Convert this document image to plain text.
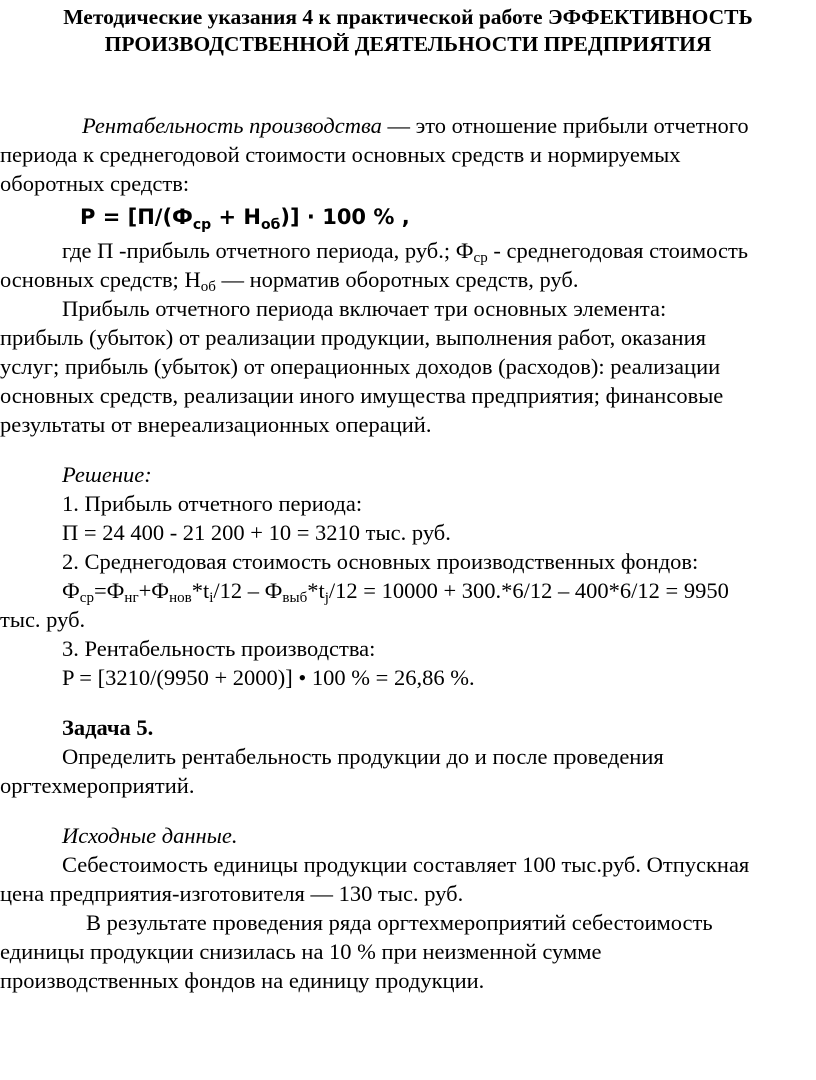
Методические указания 4 к практической работе ЭФФЕКТИВНОСТЬ
ПРОИЗВОДСТВЕННОЙ ДЕЯТЕЛЬНОСТИ ПРЕДПРИЯТИЯ
Рентабельность производства — это отношение прибыли отчетного
периода к среднегодовой стоимости основных средств и нормируемых
оборотных средств:
$P = [П/(Ф_{ср} + Н_{об})] \cdot 100$ % ,
где П -прибыль отчетного периода, руб.; $Ф_{ср}$ - среднегодовая стоимость
основных средств; $Н_{об}$ — норматив оборотных средств, руб.
Прибыль отчетного периода включает три основных элемента:
прибыль (убыток) от реализации продукции, выполнения работ, оказания
услуг; прибыль (убыток) от операционных доходов (расходов): реализации
основных средств, реализации иного имущества предприятия; финансовые
результаты от внереализационных операций.
Решение:
1. Прибыль отчетного периода:
П = 24 400 - 21 200 + 10 = 3210 тыс. руб.
2. Среднегодовая стоимость основных производственных фондов:
$Ф_{ср}=Ф_{нг}+Ф_{нов}*t_i/12 - Ф_{выб}*t_j/12 = 10000 + 300.*6/12 - 400*6/12 = 9950$
тыс. руб.
3. Рентабельность производства:
P = [3210/(9950 + 2000)] • 100 % = 26,86 %.
Задача 5.
Определить рентабельность продукции до и после проведения
оргтехмероприятий.
Исходные данные.
Себестоимость единицы продукции составляет 100 тыс.руб. Отпускная
цена предприятия-изготовителя — 130 тыс. руб.
В результате проведения ряда оргтехмероприятий себестоимость
единицы продукции снизилась на 10 % при неизменной сумме
производственных фондов на единицу продукции.
